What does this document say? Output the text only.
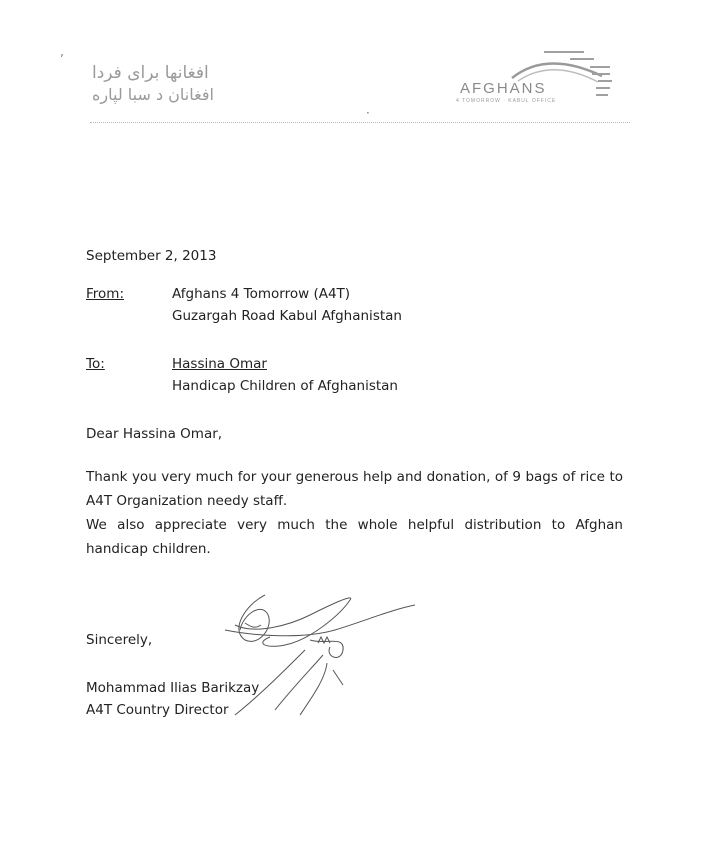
افغانها برای فردا
افغانان د سبا لپاره	AFGHANS
4 TOMORROW · KABUL OFFICE
ʼ
·
September 2, 2013
From:	Afghans 4 Tomorrow (A4T)
Guzargah Road Kabul Afghanistan
To:	Hassina Omar
Handicap Children of Afghanistan
Dear Hassina Omar,
Thank you very much for your generous help and donation, of 9 bags of rice to
A4T Organization needy staff.
We also appreciate very much the whole helpful distribution to Afghan
handicap children.
Sincerely,
Mohammad Ilias Barikzay
A4T Country Director
